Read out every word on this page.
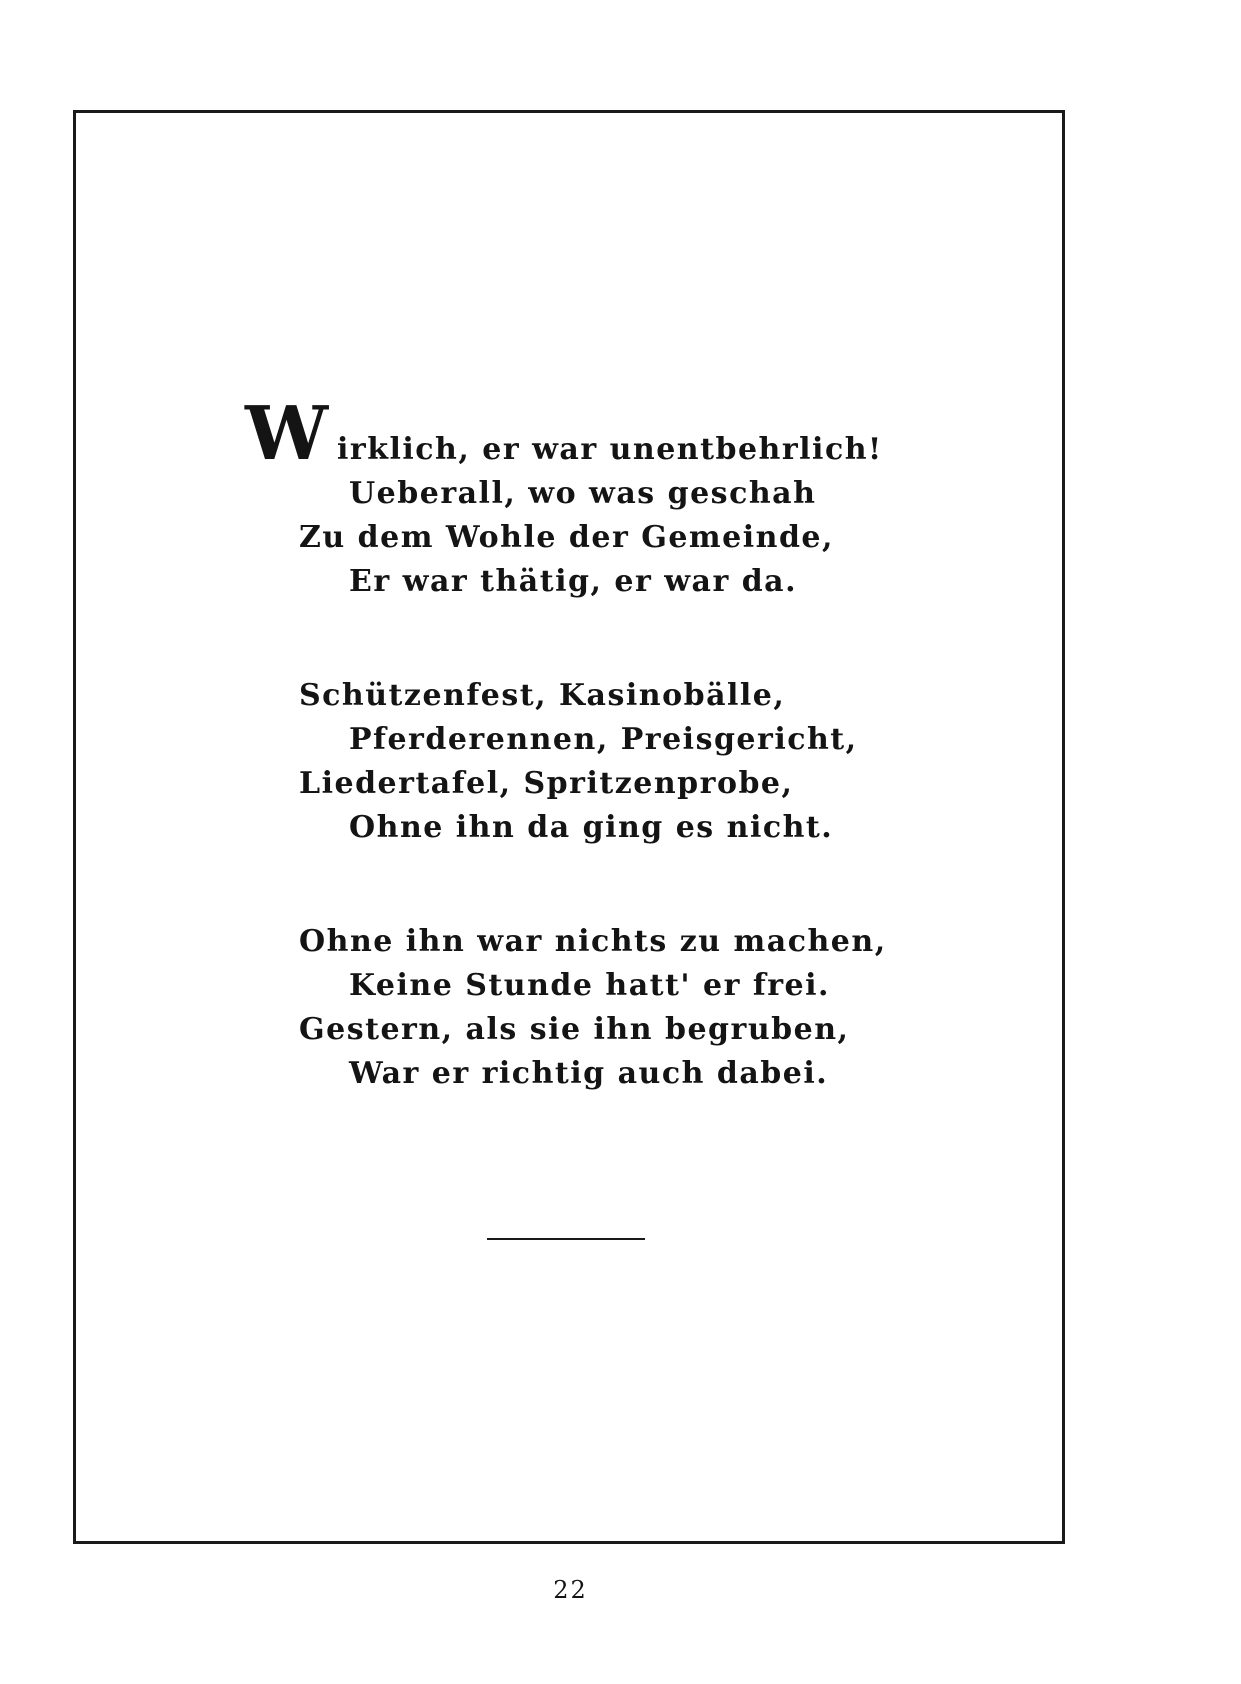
W irklich, er war unentbehrlich!
Ueberall, wo was geschah
Zu dem Wohle der Gemeinde,
Er war thätig, er war da.
Schützenfest, Kasinobälle,
Pferderennen, Preisgericht,
Liedertafel, Spritzenprobe,
Ohne ihn da ging es nicht.
Ohne ihn war nichts zu machen,
Keine Stunde hatt' er frei.
Gestern, als sie ihn begruben,
War er richtig auch dabei.
22
